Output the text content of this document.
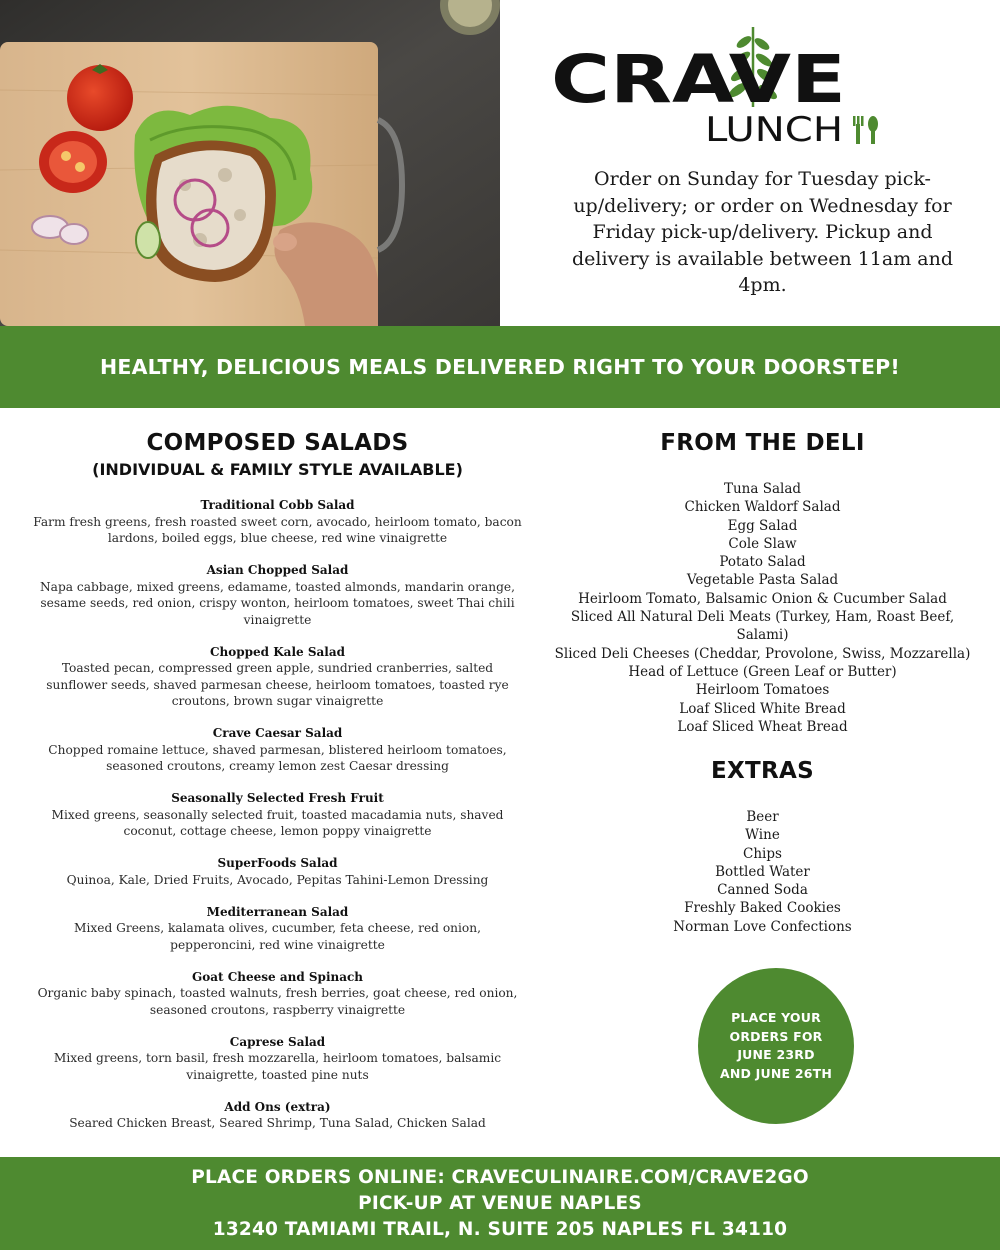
CRAVE
LUNCH
Order on Sunday for Tuesday pick-up/delivery; or order on Wednesday for Friday pick-up/delivery. Pickup and delivery is available between 11am and 4pm.
HEALTHY, DELICIOUS MEALS DELIVERED RIGHT TO YOUR DOORSTEP!
COMPOSED SALADS
(INDIVIDUAL & FAMILY STYLE AVAILABLE)
Traditional Cobb Salad
Farm fresh greens, fresh roasted sweet corn, avocado, heirloom tomato, bacon lardons, boiled eggs, blue cheese, red wine vinaigrette
Asian Chopped Salad
Napa cabbage, mixed greens, edamame, toasted almonds, mandarin orange, sesame seeds, red onion, crispy wonton, heirloom tomatoes, sweet Thai chili vinaigrette
Chopped Kale Salad
Toasted pecan, compressed green apple, sundried cranberries, salted sunflower seeds, shaved parmesan cheese, heirloom tomatoes, toasted rye croutons, brown sugar vinaigrette
Crave Caesar Salad
Chopped romaine lettuce, shaved parmesan, blistered heirloom tomatoes, seasoned croutons, creamy lemon zest Caesar dressing
Seasonally Selected Fresh Fruit
Mixed greens, seasonally selected fruit, toasted macadamia nuts, shaved coconut, cottage cheese, lemon poppy vinaigrette
SuperFoods Salad
Quinoa, Kale, Dried Fruits, Avocado, Pepitas Tahini-Lemon Dressing
Mediterranean Salad
Mixed Greens, kalamata olives, cucumber, feta cheese, red onion, pepperoncini, red wine vinaigrette
Goat Cheese and Spinach
Organic baby spinach, toasted walnuts, fresh berries, goat cheese, red onion, seasoned croutons, raspberry vinaigrette
Caprese Salad
Mixed greens, torn basil, fresh mozzarella, heirloom tomatoes, balsamic vinaigrette, toasted pine nuts
Add Ons (extra)
Seared Chicken Breast, Seared Shrimp, Tuna Salad, Chicken Salad
FROM THE DELI
Tuna Salad
Chicken Waldorf Salad
Egg Salad
Cole Slaw
Potato Salad
Vegetable Pasta Salad
Heirloom Tomato, Balsamic Onion & Cucumber Salad
Sliced All Natural Deli Meats (Turkey, Ham, Roast Beef, Salami)
Sliced Deli Cheeses (Cheddar, Provolone, Swiss, Mozzarella)
Head of Lettuce (Green Leaf or Butter)
Heirloom Tomatoes
Loaf Sliced White Bread
Loaf Sliced Wheat Bread
EXTRAS
Beer
Wine
Chips
Bottled Water
Canned Soda
Freshly Baked Cookies
Norman Love Confections
PLACE YOUR
ORDERS FOR
JUNE 23RD
AND JUNE 26TH
PLACE ORDERS ONLINE: CRAVECULINAIRE.COM/CRAVE2GO
PICK-UP AT VENUE NAPLES
13240 TAMIAMI TRAIL, N. SUITE 205 NAPLES FL 34110
